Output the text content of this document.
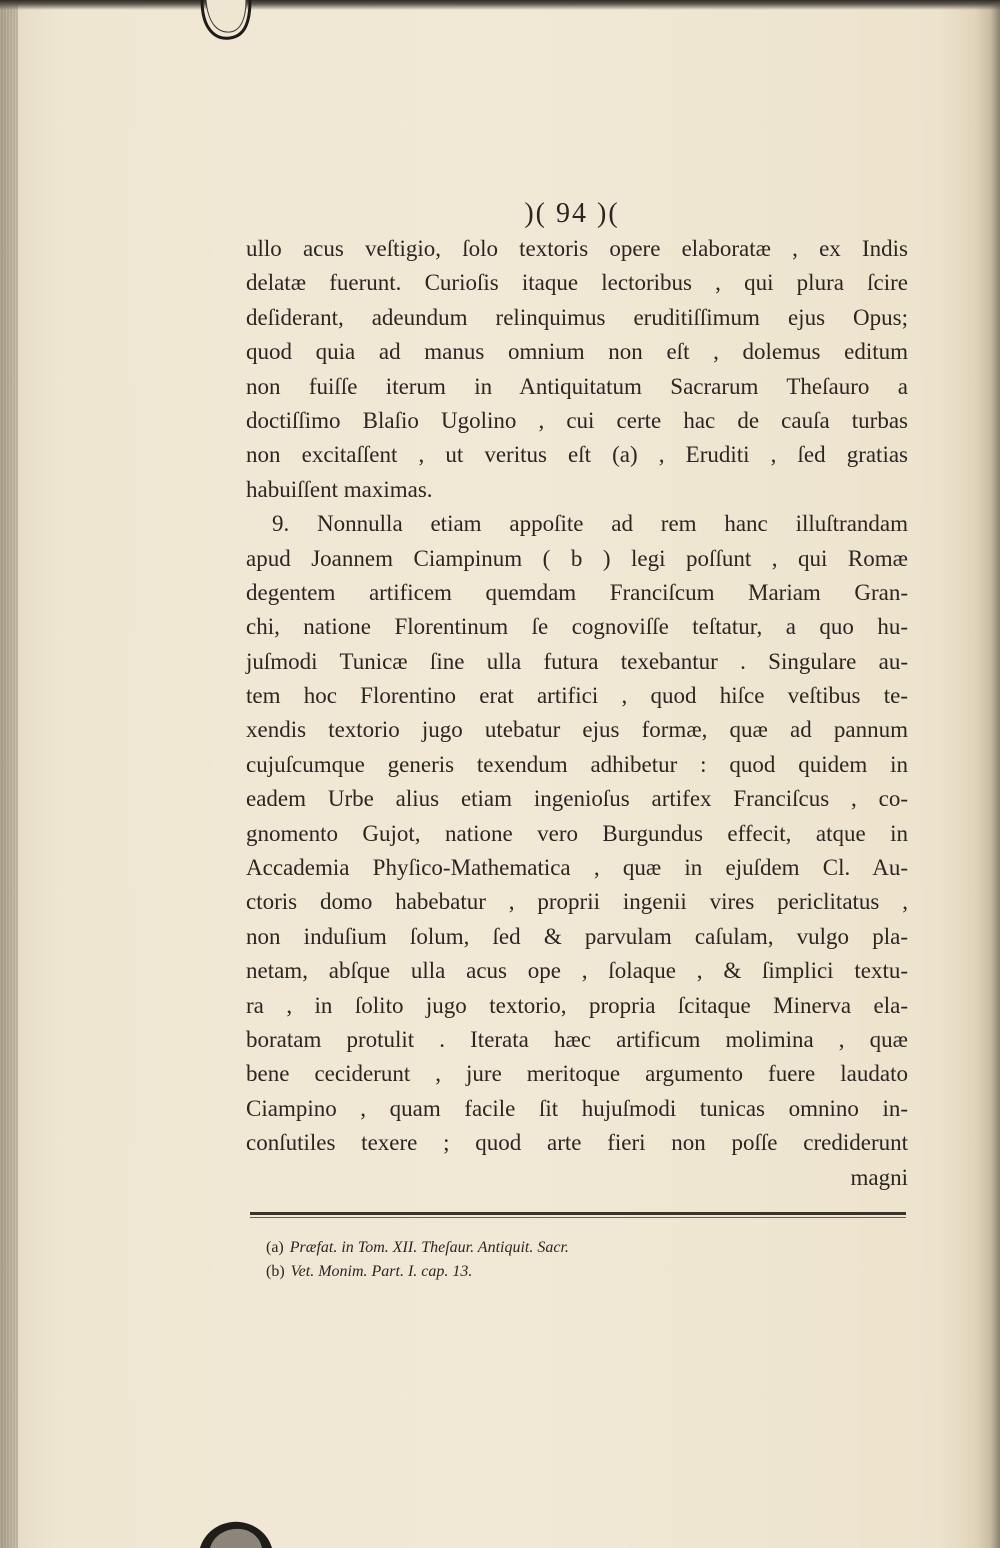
)( 94 )(
ullo acus veſtigio, ſolo textoris opere elaboratæ , ex Indis
delatæ fuerunt. Curioſis itaque lectoribus , qui plura ſcire
deſiderant, adeundum relinquimus eruditiſſimum ejus Opus;
quod quia ad manus omnium non eſt , dolemus editum
non fuiſſe iterum in Antiquitatum Sacrarum Theſauro a
doctiſſimo Blaſio Ugolino , cui certe hac de cauſa turbas
non excitaſſent , ut veritus eſt (a) , Eruditi , ſed gratias
habuiſſent maximas.
9. Nonnulla etiam appoſite ad rem hanc illuſtrandam
apud Joannem Ciampinum ( b ) legi poſſunt , qui Romæ
degentem artificem quemdam Franciſcum Mariam Gran-
chi, natione Florentinum ſe cognoviſſe teſtatur, a quo hu-
juſmodi Tunicæ ſine ulla futura texebantur . Singulare au-
tem hoc Florentino erat artifici , quod hiſce veſtibus te-
xendis textorio jugo utebatur ejus formæ, quæ ad pannum
cujuſcumque generis texendum adhibetur : quod quidem in
eadem Urbe alius etiam ingenioſus artifex Franciſcus , co-
gnomento Gujot, natione vero Burgundus effecit, atque in
Accademia Phyſico-Mathematica , quæ in ejuſdem Cl. Au-
ctoris domo habebatur , proprii ingenii vires periclitatus ,
non induſium ſolum, ſed & parvulam caſulam, vulgo pla-
netam, abſque ulla acus ope , ſolaque , & ſimplici textu-
ra , in ſolito jugo textorio, propria ſcitaque Minerva ela-
boratam protulit . Iterata hæc artificum molimina , quæ
bene ceciderunt , jure meritoque argumento fuere laudato
Ciampino , quam facile ſit hujuſmodi tunicas omnino in-
conſutiles texere ; quod arte fieri non poſſe crediderunt
magni
(a) Præfat. in Tom. XII. Theſaur. Antiquit. Sacr.
(b) Vet. Monim. Part. I. cap. 13.
